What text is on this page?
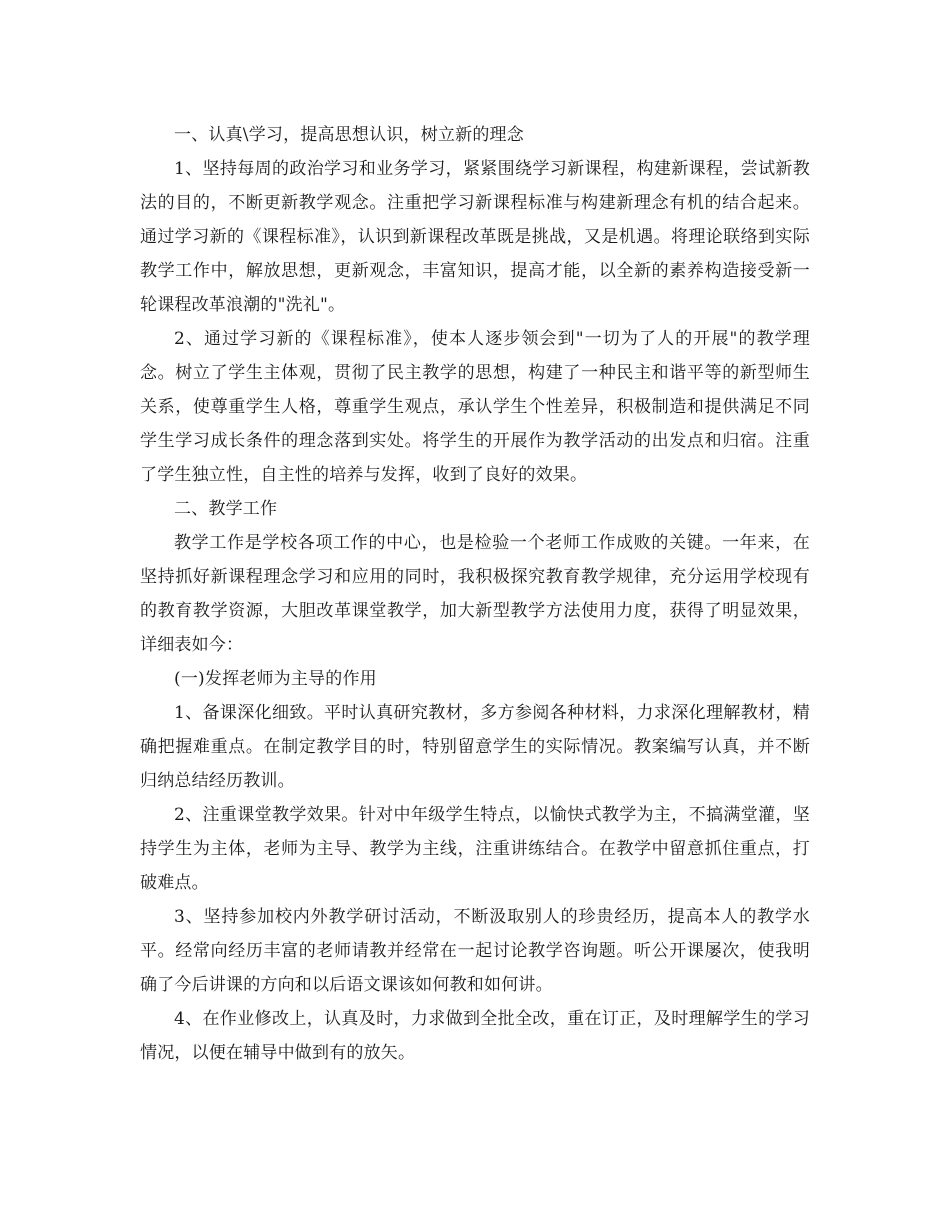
一、认真\学习，提高思想认识，树立新的理念

1、坚持每周的政治学习和业务学习，紧紧围绕学习新课程，构建新课程，尝试新教法的目的，不断更新教学观念。注重把学习新课程标准与构建新理念有机的结合起来。通过学习新的《课程标准》，认识到新课程改革既是挑战，又是机遇。将理论联络到实际教学工作中，解放思想，更新观念，丰富知识，提高才能，以全新的素养构造接受新一轮课程改革浪潮的"洗礼"。

2、通过学习新的《课程标准》，使本人逐步领会到"一切为了人的开展"的教学理念。树立了学生主体观，贯彻了民主教学的思想，构建了一种民主和谐平等的新型师生关系，使尊重学生人格，尊重学生观点，承认学生个性差异，积极制造和提供满足不同学生学习成长条件的理念落到实处。将学生的开展作为教学活动的出发点和归宿。注重了学生独立性，自主性的培养与发挥，收到了良好的效果。

二、教学工作

教学工作是学校各项工作的中心，也是检验一个老师工作成败的关键。一年来，在坚持抓好新课程理念学习和应用的同时，我积极探究教育教学规律，充分运用学校现有的教育教学资源，大胆改革课堂教学，加大新型教学方法使用力度，获得了明显效果，详细表如今：

(一)发挥老师为主导的作用

1、备课深化细致。平时认真研究教材，多方参阅各种材料，力求深化理解教材，精确把握难重点。在制定教学目的时，特别留意学生的实际情况。教案编写认真，并不断归纳总结经历教训。

2、注重课堂教学效果。针对中年级学生特点，以愉快式教学为主，不搞满堂灌，坚持学生为主体，老师为主导、教学为主线，注重讲练结合。在教学中留意抓住重点，打破难点。

3、坚持参加校内外教学研讨活动，不断汲取别人的珍贵经历，提高本人的教学水平。经常向经历丰富的老师请教并经常在一起讨论教学咨询题。听公开课屡次，使我明确了今后讲课的方向和以后语文课该如何教和如何讲。

4、在作业修改上，认真及时，力求做到全批全改，重在订正，及时理解学生的学习情况，以便在辅导中做到有的放矢。
